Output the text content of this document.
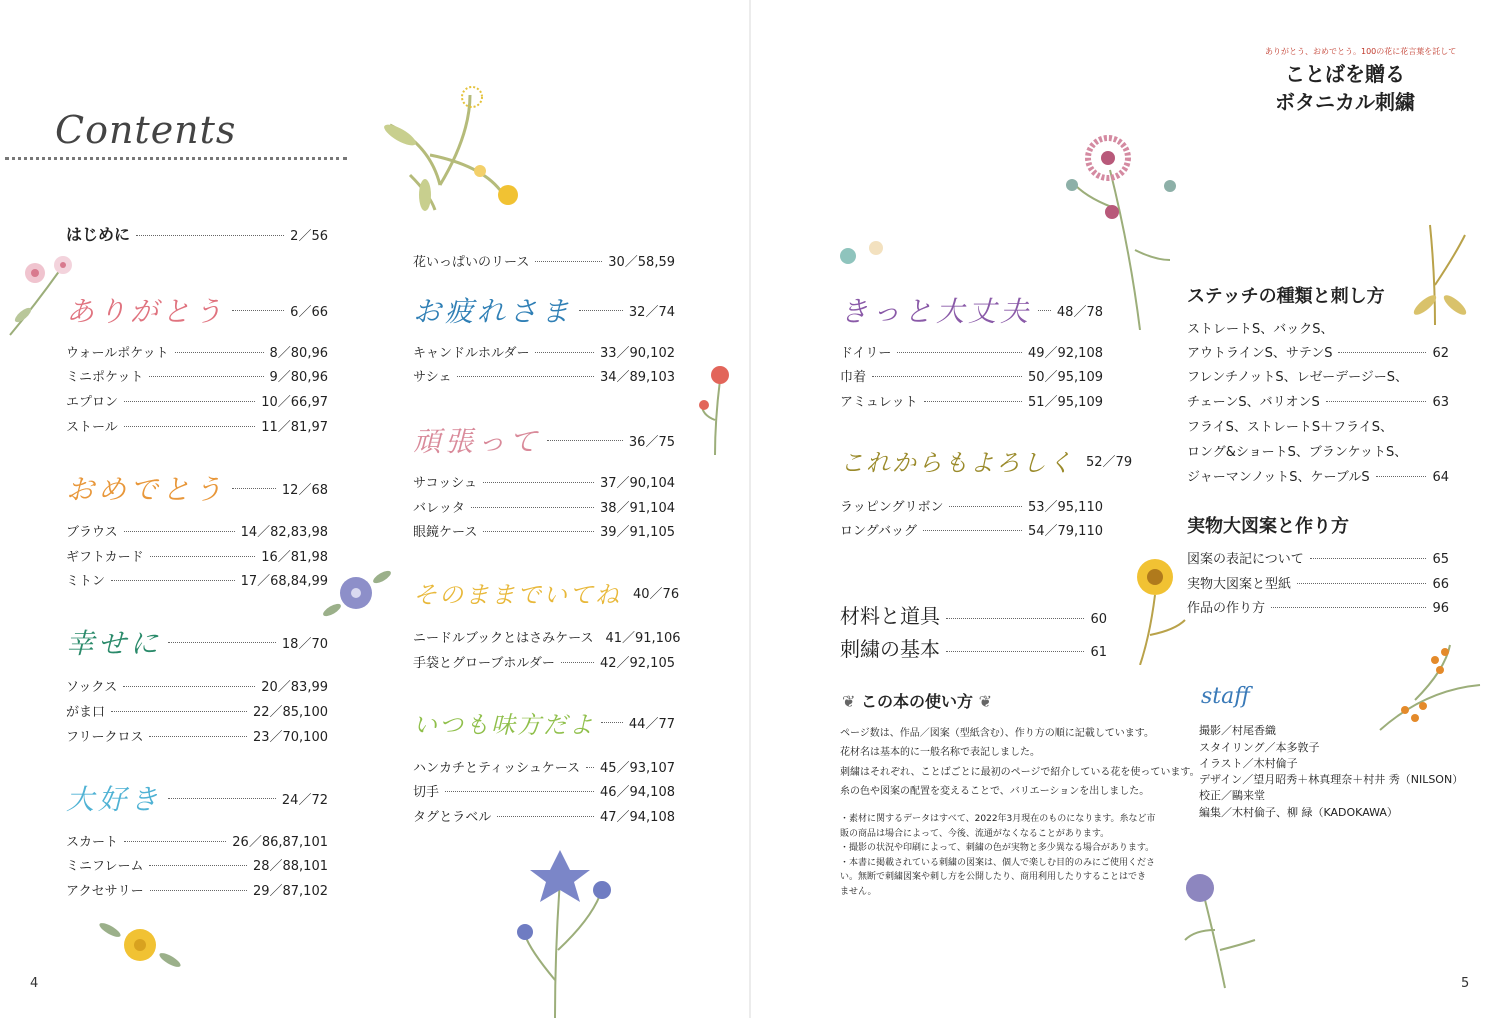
Contents
はじめに	2／56
ありがとう	6／66
ウォールポケット	8／80,96
ミニポケット	9／80,96
エプロン	10／66,97
ストール	11／81,97
おめでとう	12／68
ブラウス	14／82,83,98
ギフトカード	16／81,98
ミトン	17／68,84,99
幸せに	18／70
ソックス	20／83,99
がま口	22／85,100
フリークロス	23／70,100
大好き	24／72
スカート	26／86,87,101
ミニフレーム	28／88,101
アクセサリー	29／87,102
花いっぱいのリース	30／58,59
お疲れさま	32／74
キャンドルホルダー	33／90,102
サシェ	34／89,103
頑張って	36／75
サコッシュ	37／90,104
バレッタ	38／91,104
眼鏡ケース	39／91,105
そのままでいてね 40／76
ニードルブックとはさみケース 41／91,106
手袋とグローブホルダー	42／92,105
いつも味方だよ	44／77
ハンカチとティッシュケース 45／93,107
切手	46／94,108
タグとラベル	47／94,108
ありがとう、おめでとう。100の花に花言葉を託して
ことばを贈る
ボタニカル刺繍
きっと大丈夫 48／78
ドイリー	49／92,108
巾着	50／95,109
アミュレット	51／95,109
これからもよろしく 52／79
ラッピングリボン	53／95,110
ロングバッグ	54／79,110
材料と道具	60
刺繍の基本	61
❦ この本の使い方 ❦
ページ数は、作品／図案（型紙含む）、作り方の順に記載しています。
花材名は基本的に一般名称で表記しました。
刺繍はそれぞれ、ことばごとに最初のページで紹介している花を使っています。
糸の色や図案の配置を変えることで、バリエーションを出しました。
・素材に関するデータはすべて、2022年3月現在のものになります。糸など市
販の商品は場合によって、今後、流通がなくなることがあります。
・撮影の状況や印刷によって、刺繍の色が実物と多少異なる場合があります。
・本書に掲載されている刺繍の図案は、個人で楽しむ目的のみにご使用くださ
い。無断で刺繍図案や刺し方を公開したり、商用利用したりすることはでき
ません。
ステッチの種類と刺し方
ストレートS、バックS、
アウトラインS、サテンS	62
フレンチノットS、レゼーデージーS、
チェーンS、バリオンS	63
フライS、ストレートS＋フライS、
ロング&ショートS、ブランケットS、
ジャーマンノットS、ケーブルS	64
実物大図案と作り方
図案の表記について	65
実物大図案と型紙	66
作品の作り方	96
staff
撮影／村尾香織
スタイリング／本多敦子
イラスト／木村倫子
デザイン／望月昭秀＋林真理奈＋村井 秀（NILSON）
校正／鷗来堂
編集／木村倫子、柳 緑（KADOKAWA）
4	5
